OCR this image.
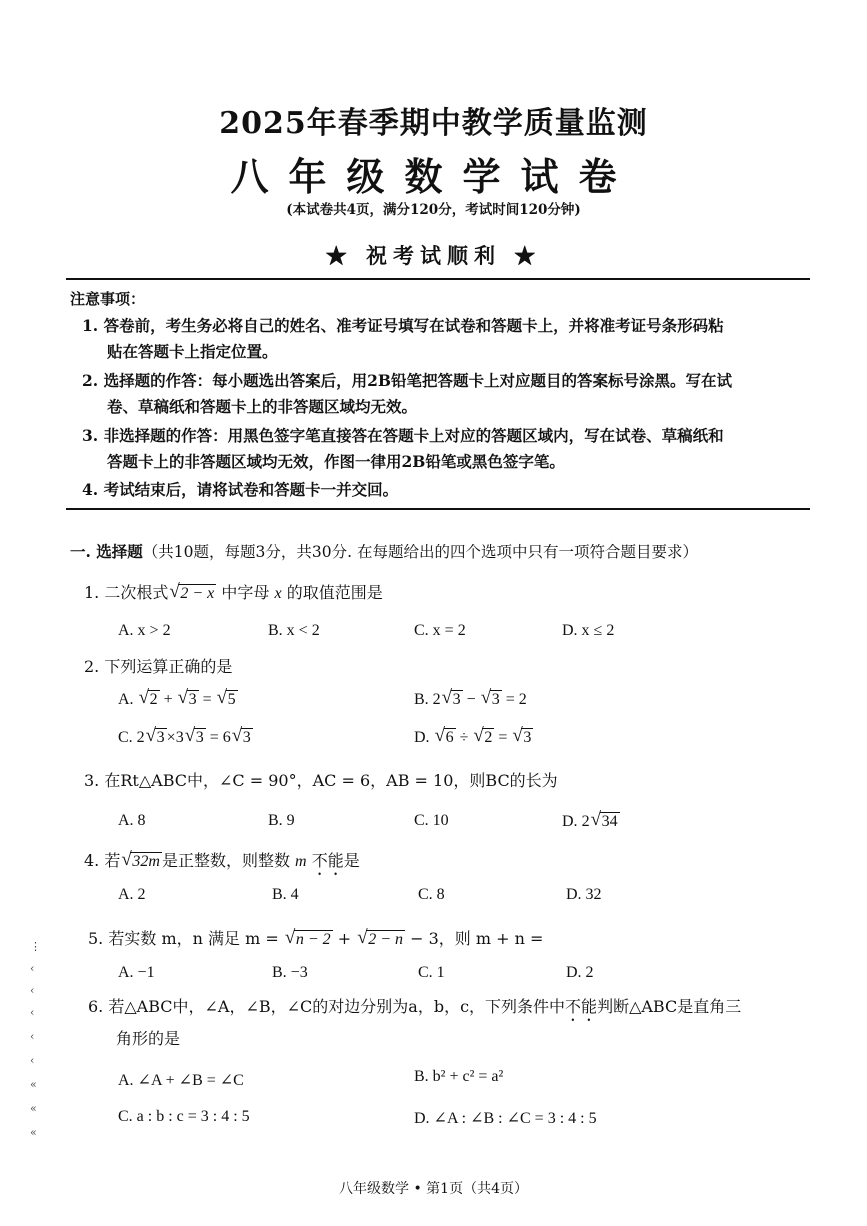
2025年春季期中教学质量监测
八年级数学试卷
(本试卷共4页，满分120分，考试时间120分钟)
★ 祝考试顺利 ★
注意事项：
1. 答卷前，考生务必将自己的姓名、准考证号填写在试卷和答题卡上，并将准考证号条形码粘
贴在答题卡上指定位置。
2. 选择题的作答：每小题选出答案后，用2B铅笔把答题卡上对应题目的答案标号涂黑。写在试
卷、草稿纸和答题卡上的非答题区域均无效。
3. 非选择题的作答：用黑色签字笔直接答在答题卡上对应的答题区域内，写在试卷、草稿纸和
答题卡上的非答题区域均无效，作图一律用2B铅笔或黑色签字笔。
4. 考试结束后，请将试卷和答题卡一并交回。
一. 选择题（共10题，每题3分，共30分. 在每题给出的四个选项中只有一项符合题目要求）
1. 二次根式 √ 2 − x 中字母 x 的取值范围是
A. x > 2	B. x < 2	C. x = 2	D. x ≤ 2
2. 下列运算正确的是
A. √ 2 + √ 3 = √ 5	B. 2 √ 3 − √ 3 = 2
C. 2 √ 3 ×3 √ 3 = 6 √ 3	D. √ 6 ÷ √ 2 = √ 3
3. 在Rt△ABC中，∠C = 90°，AC = 6，AB = 10，则BC的长为
A. 8	B. 9	C. 10	D. 2 √ 34
4. 若 √ 32m 是正整数，则整数 m 不能是
A. 2	B. 4	C. 8	D. 32
5. 若实数 m，n 满足 m = √ n − 2 + √ 2 − n − 3，则 m + n =
A. −1	B. −3	C. 1	D. 2
6. 若△ABC中，∠A，∠B，∠C的对边分别为a，b，c，下列条件中不能判断△ABC是直角三
角形的是
A. ∠A + ∠B = ∠C	B. b² + c² = a²
C. a : b : c = 3 : 4 : 5	D. ∠A : ∠B : ∠C = 3 : 4 : 5
⋮
‹
‹
‹
‹
‹
«
«
«
八年级数学 • 第1页（共4页）
